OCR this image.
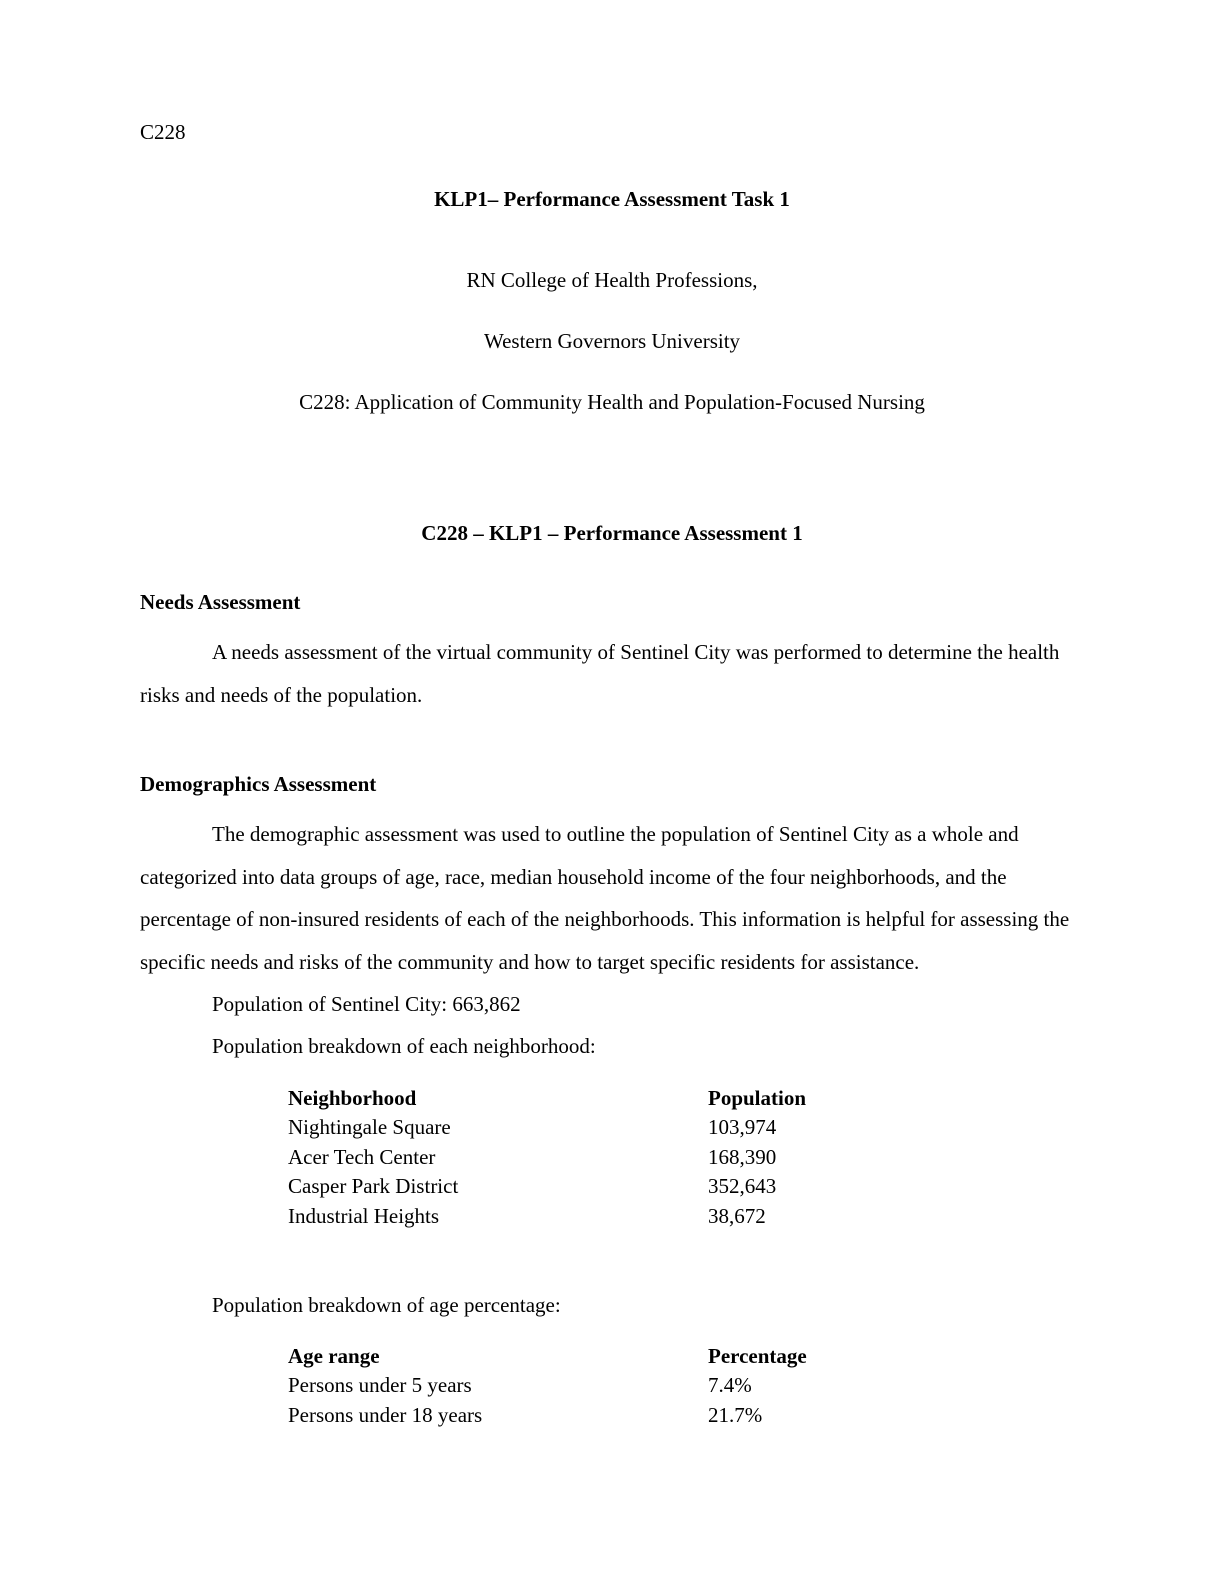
C228
KLP1– Performance Assessment Task 1
RN College of Health Professions,
Western Governors University
C228: Application of Community Health and Population-Focused Nursing
C228 – KLP1 – Performance Assessment 1
Needs Assessment

A needs assessment of the virtual community of Sentinel City was performed to determine the health risks and needs of the population.

Demographics Assessment

The demographic assessment was used to outline the population of Sentinel City as a whole and categorized into data groups of age, race, median household income of the four neighborhoods, and the percentage of non-insured residents of each of the neighborhoods. This information is helpful for assessing the specific needs and risks of the community and how to target specific residents for assistance.

Population of Sentinel City: 663,862

Population breakdown of each neighborhood:

Neighborhood	Population
Nightingale Square	103,974
Acer Tech Center	168,390
Casper Park District	352,643
Industrial Heights	38,672

Population breakdown of age percentage:

Age range	Percentage
Persons under 5 years	7.4%
Persons under 18 years	21.7%
